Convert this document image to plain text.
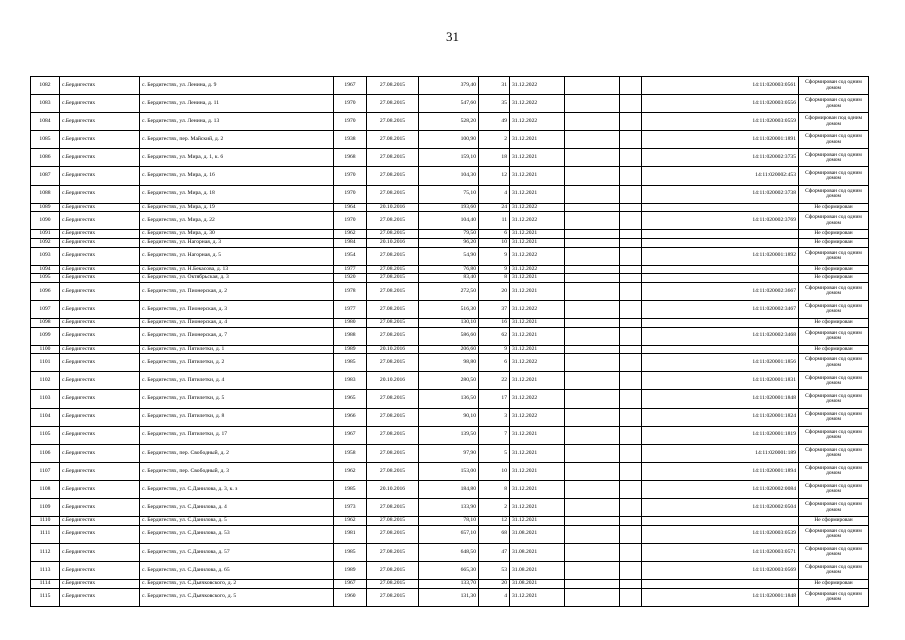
31
1082	с.Бердигестях	с. Бердигестях, ул. Ленина, д. 9	1967	27.08.2015	379,40	31	31.12.2022			14:11:020003:0561	Сформирован сод одним домом
1083	с.Бердигестях	с. Бердигестях, ул. Ленина, д. 11	1970	27.08.2015	547,60	35	31.12.2022			14:11:020003:0556	Сформирован сод одним домом
1084	с.Бердигестях	с. Бердигестях, ул. Ленина, д. 13	1970	27.08.2015	528,20	49	31.12.2022			14:11:020003:0559	Сформирован под одним домом
1085	с.Бердигестях	с. Бердигестях, пер. Майский, д. 2	1938	27.08.2015	100,90	2	31.12.2021			14:11:020001:1891	Сформирован сод одним домом
1086	с.Бердигестях	с. Бердигестях, ул. Мира, д. 1, к. 6	1968	27.08.2015	159,10	18	31.12.2021			14:11:020002:3735	Сформирован сод одним домом
1087	с.Бердигестях	с. Бердигестях, ул. Мира, д. 16	1970	27.08.2015	104,30	12	31.12.2021			14:11:020002:453	Сформирован сод одним домом
1088	с.Бердигестях	с. Бердигестях, ул. Мира, д. 18	1970	27.08.2015	75,10	4	31.12.2021			14:11:020002:3738	Сформирован сод одним домом
1089	с.Бердигестях	с. Бердигестях, ул. Мира, д. 19	1964	20.10.2016	193,60	24	31.12.2022				Не сформирован
1090	с.Бердигестях	с. Бердигестях, ул. Мира, д. 22	1970	27.08.2015	104,40	11	31.12.2022			14:11:020002:3769	Сформирован сод одним домом
1091	с.Бердигестях	с. Бердигестях, ул. Мира, д. 30	1962	27.08.2015	79,50	6	31.12.2021				Не сформирован
1092	с.Бердигестях	с. Бердигестях, ул. Нагорная, д. 3	1984	20.10.2016	96,20	10	31.12.2021				Не сформирован
1093	с.Бердигестях	с. Бердигестях, ул. Нагорная, д. 5	1954	27.08.2015	54,90	9	31.12.2022			14:11:020001:1892	Сформирован сод одним домом
1094	с.Бердигестях	с. Бердигестях, ул. Н.Бекасова, д. 13	1977	27.08.2015	76,80	9	31.12.2022				Не сформирован
1095	с.Бердигестях	с. Бердигестях, ул. Октябрьская, д. 3	1920	27.08.2015	83,40	8	31.12.2021				Не сформирован
1096	с.Бердигестях	с. Бердигестях, ул. Пионерская, д. 2	1978	27.08.2015	272,50	20	31.12.2021			14:11:020002:3667	Сформирован сод одним домом
1097	с.Бердигестях	с. Бердигестях, ул. Пионерская, д. 3	1977	27.08.2015	516,30	37	31.12.2022			14:11:020002:3467	Сформирован сод одним домом
1098	с.Бердигестях	с. Бердигестях, ул. Пионерская, д. 4	1980	27.08.2015	130,10	16	31.12.2021				Не сформирован
1099	с.Бердигестях	с. Бердигестях, ул. Пионерская, д. 7	1988	27.08.2015	586,60	62	31.12.2021			14:11:020002:3468	Сформирован сод одним домом
1100	с.Бердигестях	с. Бердигестях, ул. Пятилетки, д. 1	1989	20.10.2016	206,60	9	31.12.2021				Не сформирован
1101	с.Бердигестях	с. Бердигестях, ул. Пятилетки, д. 2	1985	27.08.2015	98,80	6	31.12.2022			14:11:020001:1856	Сформирован сод одним домом
1102	с.Бердигестях	с. Бердигестях, ул. Пятилетки, д. 4	1983	20.10.2016	280,50	22	31.12.2021			14:11:020001:1831	Сформирован сод одним домом
1103	с.Бердигестях	с. Бердигестях, ул. Пятилетки, д. 5	1965	27.08.2015	136,50	17	31.12.2022			14:11:020001:1848	Сформирован сод одним домом
1104	с.Бердигестях	с. Бердигестях, ул. Пятилетки, д. 8	1966	27.08.2015	90,10	3	31.12.2022			14:11:020001:1824	Сформирован сод одним домом
1105	с.Бердигестях	с. Бердигестях, ул. Пятилетки, д. 17	1967	27.08.2015	139,50	7	31.12.2021			14:11:020001:1819	Сформирован сод одним домом
1106	с.Бердигестях	с. Бердигестях, пер. Свободный, д. 2	1958	27.08.2015	97,90	5	31.12.2021			14:11:020001:189	Сформирован сод одним домом
1107	с.Бердигестях	с. Бердигестях, пер. Свободный, д. 3	1962	27.08.2015	153,00	10	31.12.2021			14:11:020001:1894	Сформирован сод одним домом
1108	с.Бердигестях	с. Бердигестях, ул. С.Данилова, д. 3, к. з	1985	20.10.2016	184,80	8	31.12.2021			14:11:020002:0084	Сформирован сод одним домом
1109	с.Бердигестях	с. Бердигестях, ул. С.Данилова, д. 4	1973	27.08.2015	133,90	2	31.12.2021			14:11:020002:0504	Сформирован сод одним домом
1110	с.Бердигестях	с. Бердигестях, ул. С.Данилова, д. 5	1962	27.08.2015	78,10	12	31.12.2021				Не сформирован
1111	с.Бердигестях	с. Бердигестях, ул. С.Данилова, д. 53	1981	27.08.2015	657,10	68	31.08.2021			14:11:020003:0539	Сформирован сод одним домом
1112	с.Бердигестях	с. Бердигестях, ул. С.Данилова, д. 57	1985	27.08.2015	648,50	47	31.08.2021			14:11:020003:0571	Сформирован сод одним домом
1113	с.Бердигестях	с. Бердигестях, ул. С.Данилова, д. 65	1989	27.08.2015	665,30	53	31.08.2021			14:11:020003:0569	Сформирован сод одним домом
1114	с.Бердигестях	с. Бердигестях, ул. С.Дьячковского, д. 2	1967	27.08.2015	133,70	20	31.08.2021				Не сформирован
1115	с.Бердигестях	с. Бердигестях, ул. С.Дьячковского, д. 5	1960	27.08.2015	131,30	4	31.12.2021			14:11:020001:1848	Сформирован сод одним домом
